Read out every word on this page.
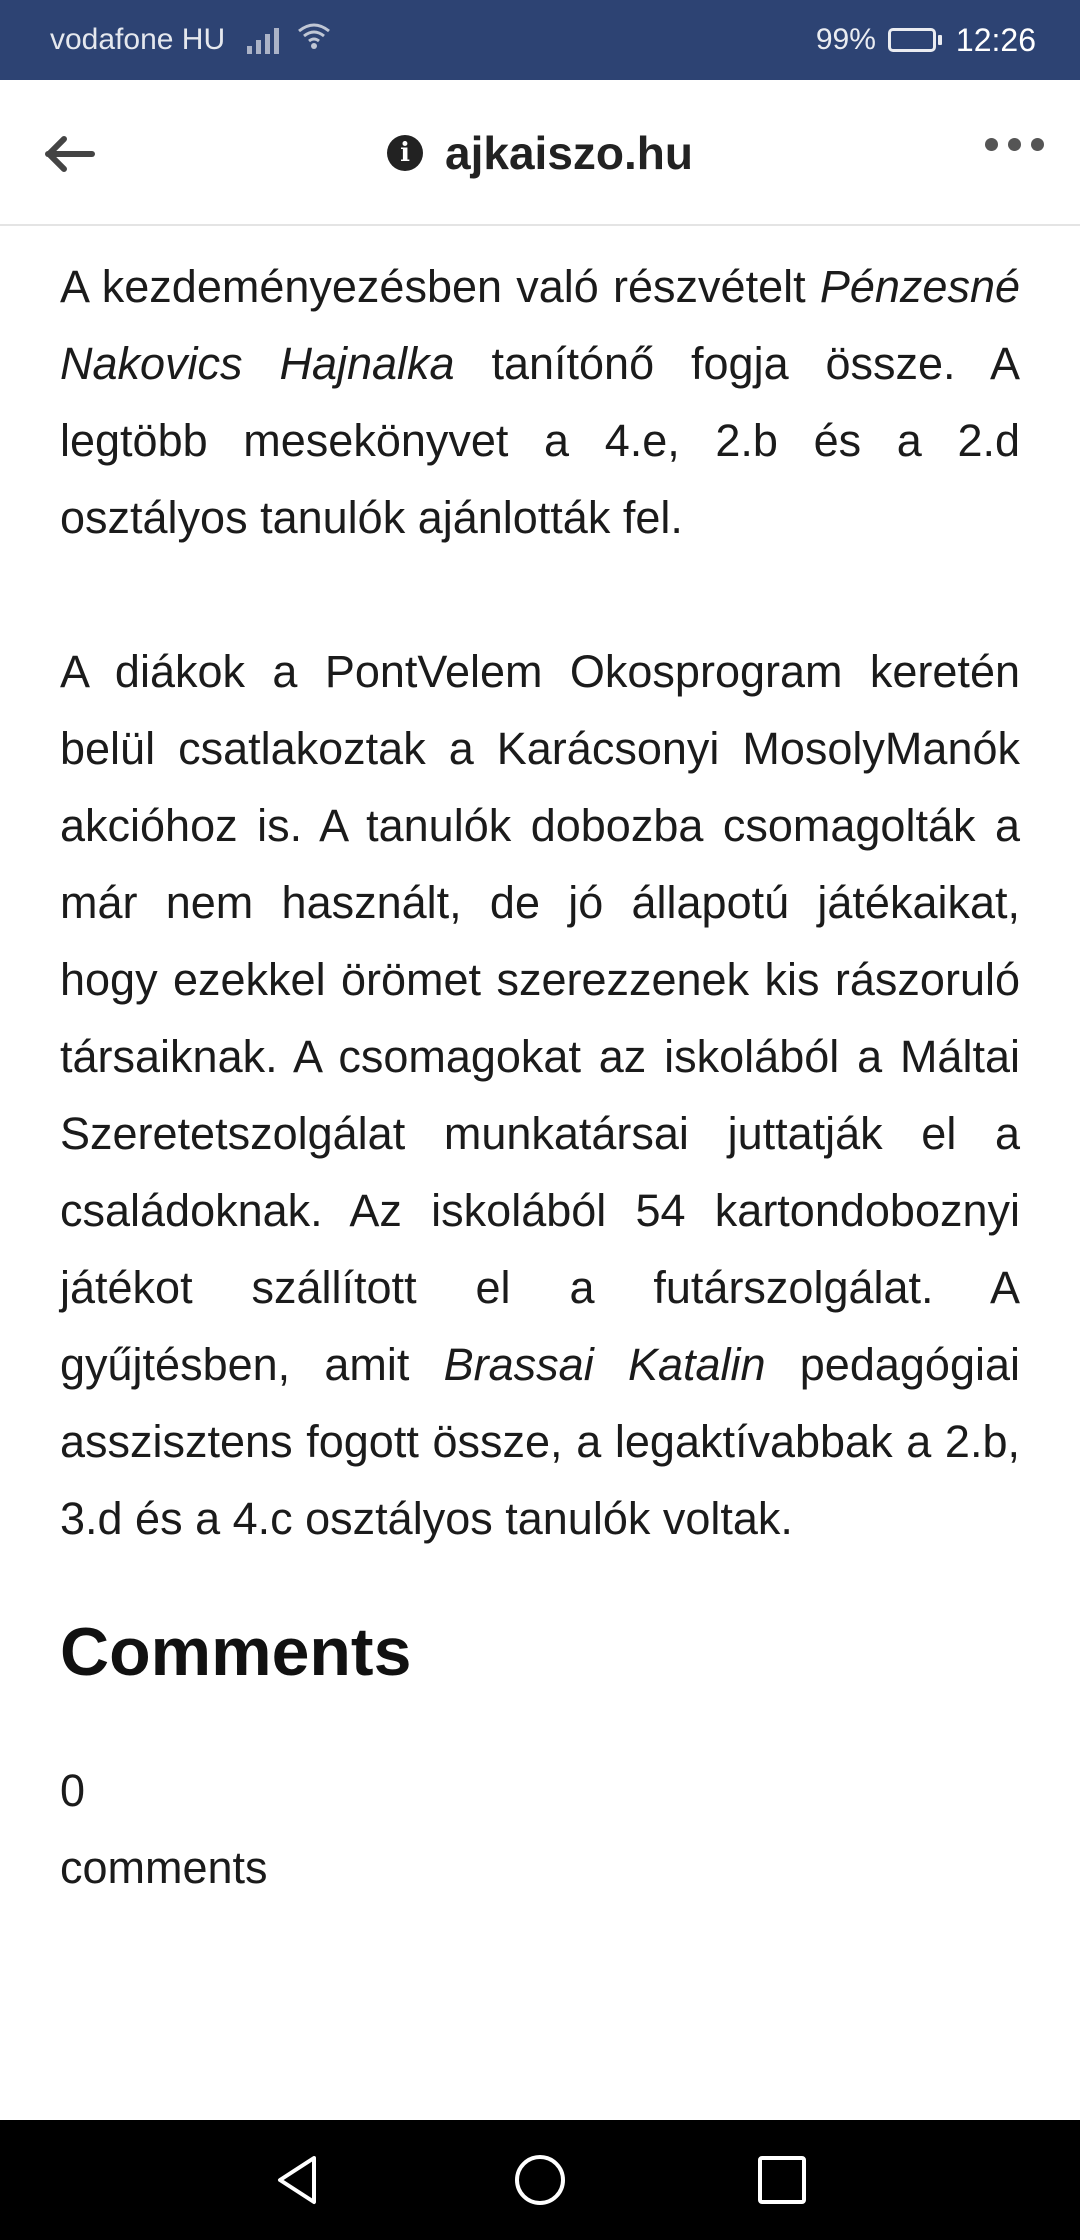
vodafone HU	99%	12:26
i ajkaiszo.hu

A kezdeményezésben való részvételt Pénzesné Nakovics Hajnalka tanítónő fogja össze. A legtöbb mesekönyvet a 4.e, 2.b és a 2.d osztályos tanulók ajánlották fel.

A diákok a PontVelem Okosprogram keretén belül csatlakoztak a Karácsonyi MosolyManók akcióhoz is. A tanulók dobozba csomagolták a már nem használt, de jó állapotú játékaikat, hogy ezekkel örömet szerezzenek kis rászoruló társaiknak. A csomagokat az iskolából a Máltai Szeretetszolgálat munkatársai juttatják el a családoknak. Az iskolából 54 kartondoboznyi játékot szállított el a futárszolgálat. A gyűjtésben, amit Brassai Katalin pedagógiai asszisztens fogott össze, a legaktívabbak a 2.b, 3.d és a 4.c osztályos tanulók voltak.

Comments
0
comments
